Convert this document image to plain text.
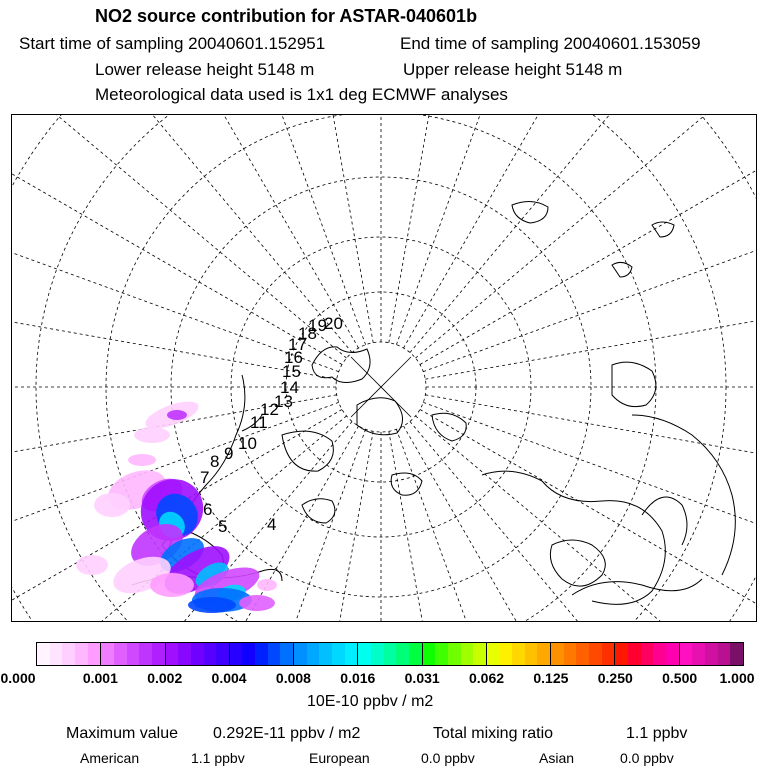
NO2 source contribution for ASTAR-040601b
Start time of sampling 20040601.152951	End time of sampling 20040601.153059
Lower release height 5148 m	Upper release height 5148 m
Meteorological data used is 1x1 deg ECMWF analyses
4
5
6
7
8 9
10
11
12
13
14
15
16
17
18
19
20
0.000	0.001 0.002 0.004 0.008 0.016 0.031 0.062 0.125 0.250 0.500 1.000
10E-10 ppbv / m2
Maximum value 0.292E-11 ppbv / m2	Total mixing ratio	1.1 ppbv
American	1.1 ppbv	European	0.0 ppbv	Asian	0.0 ppbv
